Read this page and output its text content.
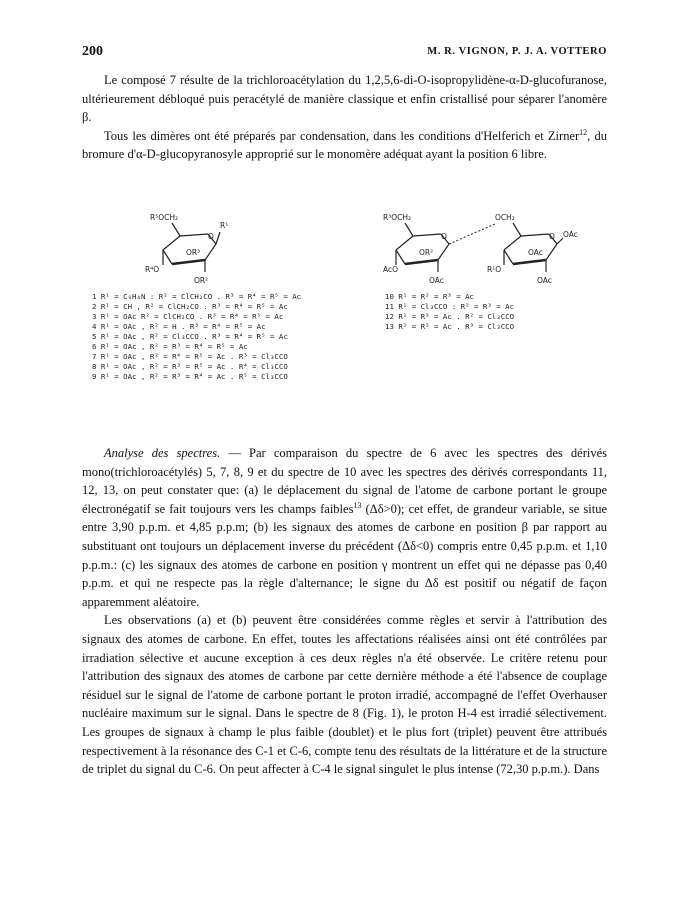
200	M. R. VIGNON, P. J. A. VOTTERO

Le composé 7 résulte de la trichloroacétylation du 1,2,5,6-di-O-isopropylidène-α-D-glucofuranose, ultérieurement débloqué puis peracétylé de manière classique et enfin cristallisé pour séparer l'anomère β.

Tous les dimères ont été préparés par condensation, dans les conditions d'Helferich et Zirner$^{12}$, du bromure d'α-D-glucopyranosyle approprié sur le monomère adéquat ayant la position 6 libre.

R⁵OCH₂
O
R¹
OR³
R⁴O
OR²
1 R¹ = C₆H₄N : R² = ClCH₂CO . R³ = R⁴ = R⁵ = Ac
2 R¹ = CH , R² = ClCH₂CO . R³ = R⁴ = R⁵ = Ac
3 R¹ = OAc R² = ClCH₂CO . R³ = R⁴ = R⁵ = Ac
4 R¹ = OAc , R² = H . R³ = R⁴ = R⁵ = Ac
5 R¹ = OAc , R² = Cl₃CCO . R³ = R⁴ = R⁵ = Ac
6 R¹ = OAc , R² = R³ = R⁴ = R⁵ = Ac
7 R¹ = OAc , R² = R⁴ = R⁵ = Ac . R³ = Cl₃CCO
8 R¹ = OAc , R² = R³ = R⁵ = Ac . R⁴ = Cl₃CCO
9 R¹ = OAc , R² = R³ = R⁴ = Ac . R⁵ = Cl₃CCO
R³OCH₂
O
OR²
AcO
OAc
OCH₂
O OAc
OAc
R¹O
OAc
10 R¹ = R² = R³ = Ac
11 R¹ = Cl₃CCO : R² = R³ = Ac
12 R¹ = R³ = Ac . R² = Cl₃CCO
13 R¹ = R² = Ac . R³ = Cl₃CCO

Analyse des spectres. — Par comparaison du spectre de 6 avec les spectres des dérivés mono(trichloroacétylés) 5, 7, 8, 9 et du spectre de 10 avec les spectres des dérivés correspondants 11, 12, 13, on peut constater que: (a) le déplacement du signal de l'atome de carbone portant le groupe électronégatif se fait toujours vers les champs faibles$^{13}$ (Δδ>0); cet effet, de grandeur variable, se situe entre 3,90 p.p.m. et 4,85 p.p.m; (b) les signaux des atomes de carbone en position β par rapport au substituant ont toujours un déplacement inverse du précédent (Δδ<0) compris entre 0,45 p.p.m. et 1,10 p.p.m.: (c) les signaux des atomes de carbone en position γ montrent un effet qui ne dépasse pas 0,40 p.p.m. et qui ne respecte pas la règle d'alternance; le signe du Δδ est positif ou négatif de façon apparemment aléatoire.

Les observations (a) et (b) peuvent être considérées comme règles et servir à l'attribution des signaux des atomes de carbone. En effet, toutes les affectations réalisées ainsi ont été contrôlées par irradiation sélective et aucune exception à ces deux règles n'a été observée. Le critère retenu pour l'attribution des signaux des atomes de carbone par cette dernière méthode a été l'absence de couplage résiduel sur le signal de l'atome de carbone portant le proton irradié, accompagné de l'effet Overhauser nucléaire maximum sur le signal. Dans le spectre de 8 (Fig. 1), le proton H-4 est irradié sélectivement. Les groupes de signaux à champ le plus faible (doublet) et le plus fort (triplet) peuvent être attribués respectivement à la résonance des C-1 et C-6, compte tenu des résultats de la littérature et de la structure de triplet du signal du C-6. On peut affecter à C-4 le signal singulet le plus intense (72,30 p.p.m.). Dans
